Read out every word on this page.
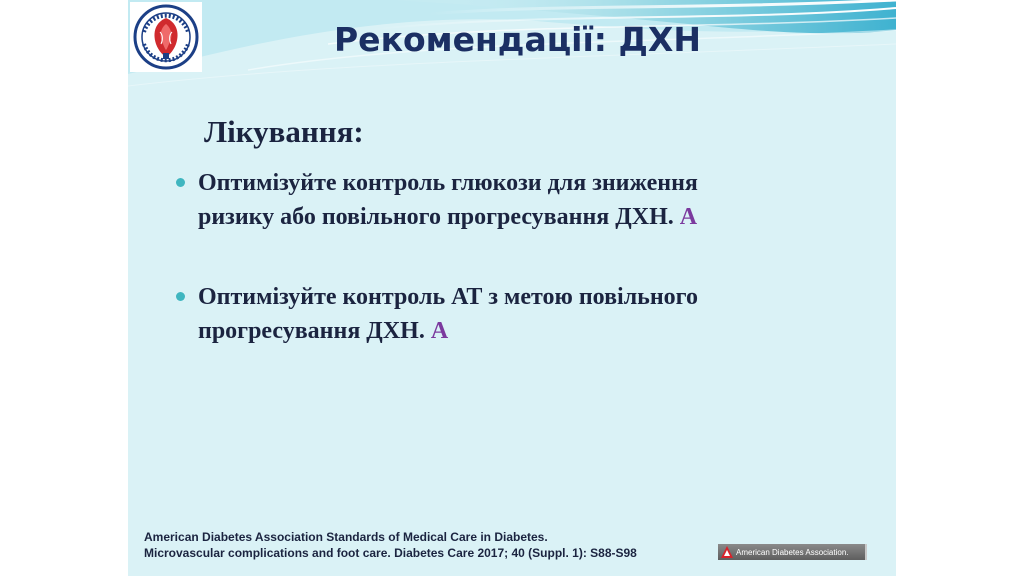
Рекомендації: ДХН
Лікування:
Оптимізуйте контроль глюкози для зниження
ризику або повільного прогресування ДХН. A
Оптимізуйте контроль АТ з метою повільного
прогресування ДХН. A
American Diabetes Association Standards of Medical Care in Diabetes.
Microvascular complications and foot care. Diabetes Care 2017; 40 (Suppl. 1): S88-S98	American Diabetes Association.
